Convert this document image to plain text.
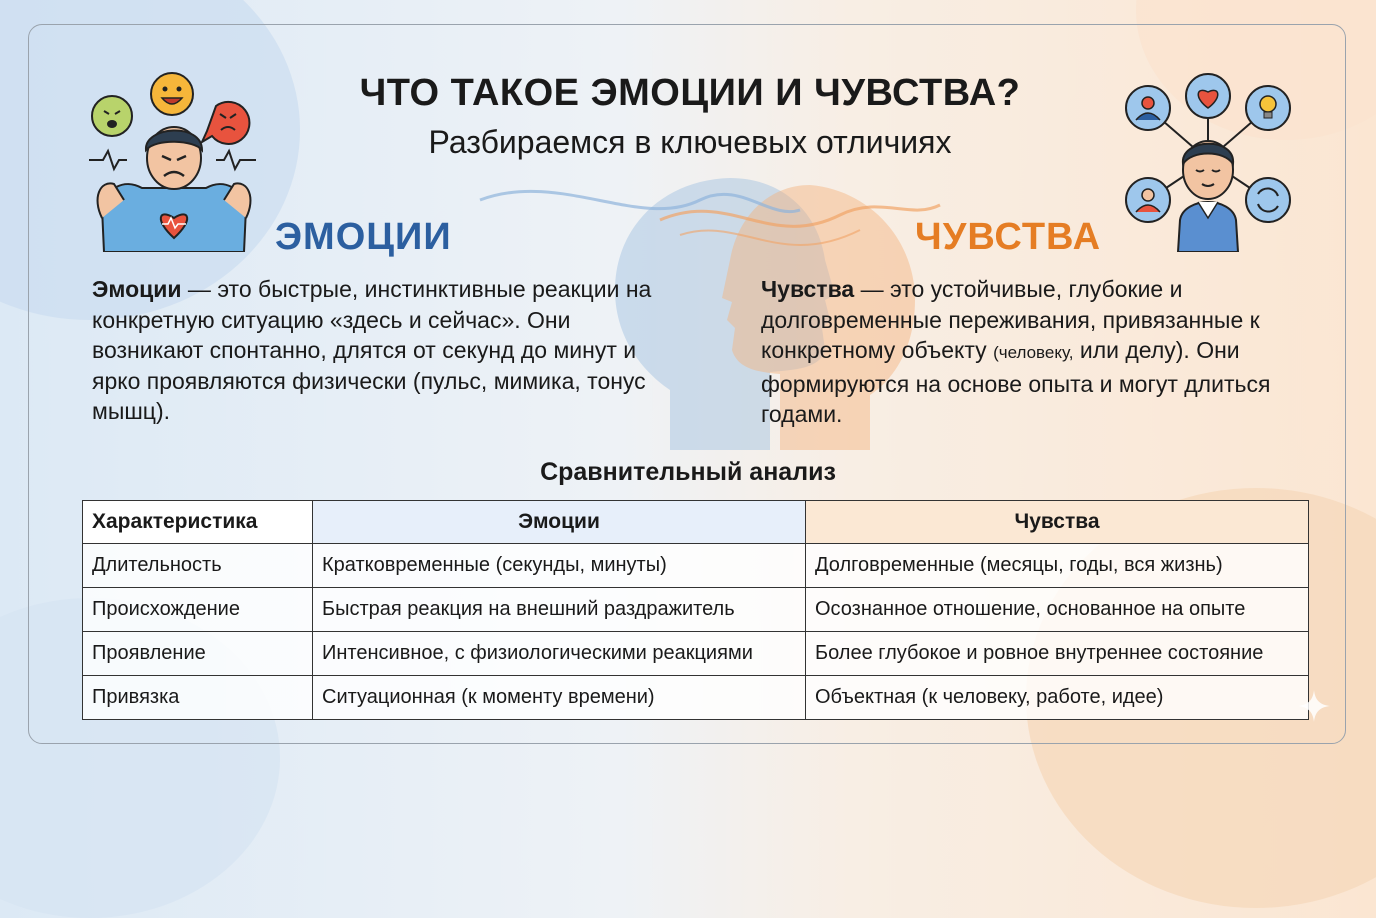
ЧТО ТАКОЕ ЭМОЦИИ И ЧУВСТВА?
Разбираемся в ключевых отличиях
ЭМОЦИИ	ЧУВСТВА

Эмоции — это быстрые, инстинктивные реакции на конкретную ситуацию «здесь и сейчас». Они возникают спонтанно, длятся от секунд до минут и ярко проявляются физически (пульс, мимика, тонус мышц).

Чувства — это устойчивые, глубокие и долговременные переживания, привязанные к конкретному объекту (человеку, или делу). Они формируются на основе опыта и могут длиться годами.

Сравнительный анализ
Характеристика	Эмоции	Чувства
Длительность	Кратковременные (секунды, минуты)	Долговременные (месяцы, годы, вся жизнь)
Происхождение	Быстрая реакция на внешний раздражитель	Осознанное отношение, основанное на опыте
Проявление	Интенсивное, с физиологическими реакциями	Более глубокое и ровное внутреннее состояние
Привязка	Ситуационная (к моменту времени)	Объектная (к человеку, работе, идее)
